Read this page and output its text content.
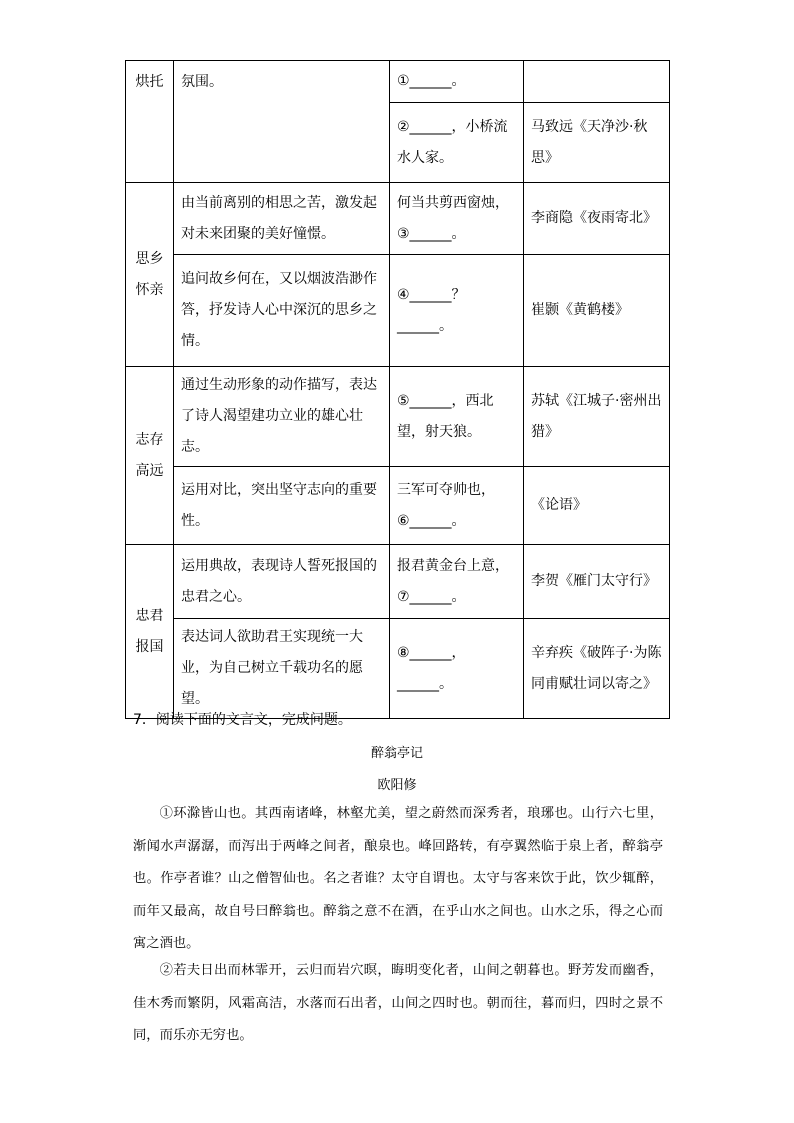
烘托	氛围。	①______。	
		②______，小桥流水人家。	马致远《天净沙·秋思》
思乡怀亲	由当前离别的相思之苦，激发起对未来团聚的美好憧憬。	何当共剪西窗烛，③______。	李商隐《夜雨寄北》
	追问故乡何在，又以烟波浩渺作答，抒发诗人心中深沉的思乡之情。	④______？______。	崔颢《黄鹤楼》
志存高远	通过生动形象的动作描写，表达了诗人渴望建功立业的雄心壮志。	⑤______，西北望，射天狼。	苏轼《江城子·密州出猎》
	运用对比，突出坚守志向的重要性。	三军可夺帅也，⑥______。	《论语》
忠君报国	运用典故，表现诗人誓死报国的忠君之心。	报君黄金台上意，⑦______。	李贺《雁门太守行》
	表达词人欲助君王实现统一大业，为自己树立千载功名的愿望。	⑧______，______。	辛弃疾《破阵子·为陈同甫赋壮词以寄之》
7．阅读下面的文言文，完成问题。
醉翁亭记
欧阳修

①环滁皆山也。其西南诸峰，林壑尤美，望之蔚然而深秀者，琅琊也。山行六七里，渐闻水声潺潺，而泻出于两峰之间者，酿泉也。峰回路转，有亭翼然临于泉上者，醉翁亭也。作亭者谁？山之僧智仙也。名之者谁？太守自谓也。太守与客来饮于此，饮少辄醉，而年又最高，故自号曰醉翁也。醉翁之意不在酒，在乎山水之间也。山水之乐，得之心而寓之酒也。

②若夫日出而林霏开，云归而岩穴暝，晦明变化者，山间之朝暮也。野芳发而幽香，佳木秀而繁阴，风霜高洁，水落而石出者，山间之四时也。朝而往，暮而归，四时之景不同，而乐亦无穷也。
